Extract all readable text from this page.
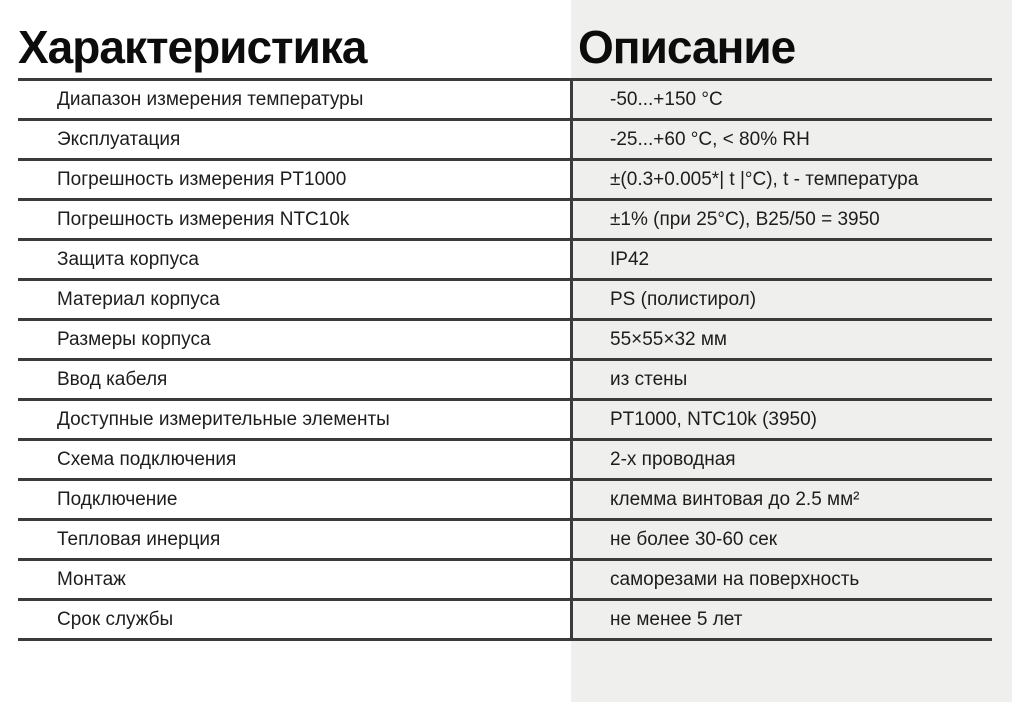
Характеристика	Описание
Диапазон измерения температуры	-50...+150 °C
Эксплуатация	-25...+60 °C, < 80% RH
Погрешность измерения PT1000	±(0.3+0.005*| t |°C), t - температура
Погрешность измерения NTC10k	±1% (при 25°C), B25/50 = 3950
Защита корпуса	IP42
Материал корпуса	PS (полистирол)
Размеры корпуса	55×55×32 мм
Ввод кабеля	из стены
Доступные измерительные элементы	PT1000, NTC10k (3950)
Схема подключения	2-х проводная
Подключение	клемма винтовая до 2.5 мм²
Тепловая инерция	не более 30-60 сек
Монтаж	саморезами на поверхность
Срок службы	не менее 5 лет
